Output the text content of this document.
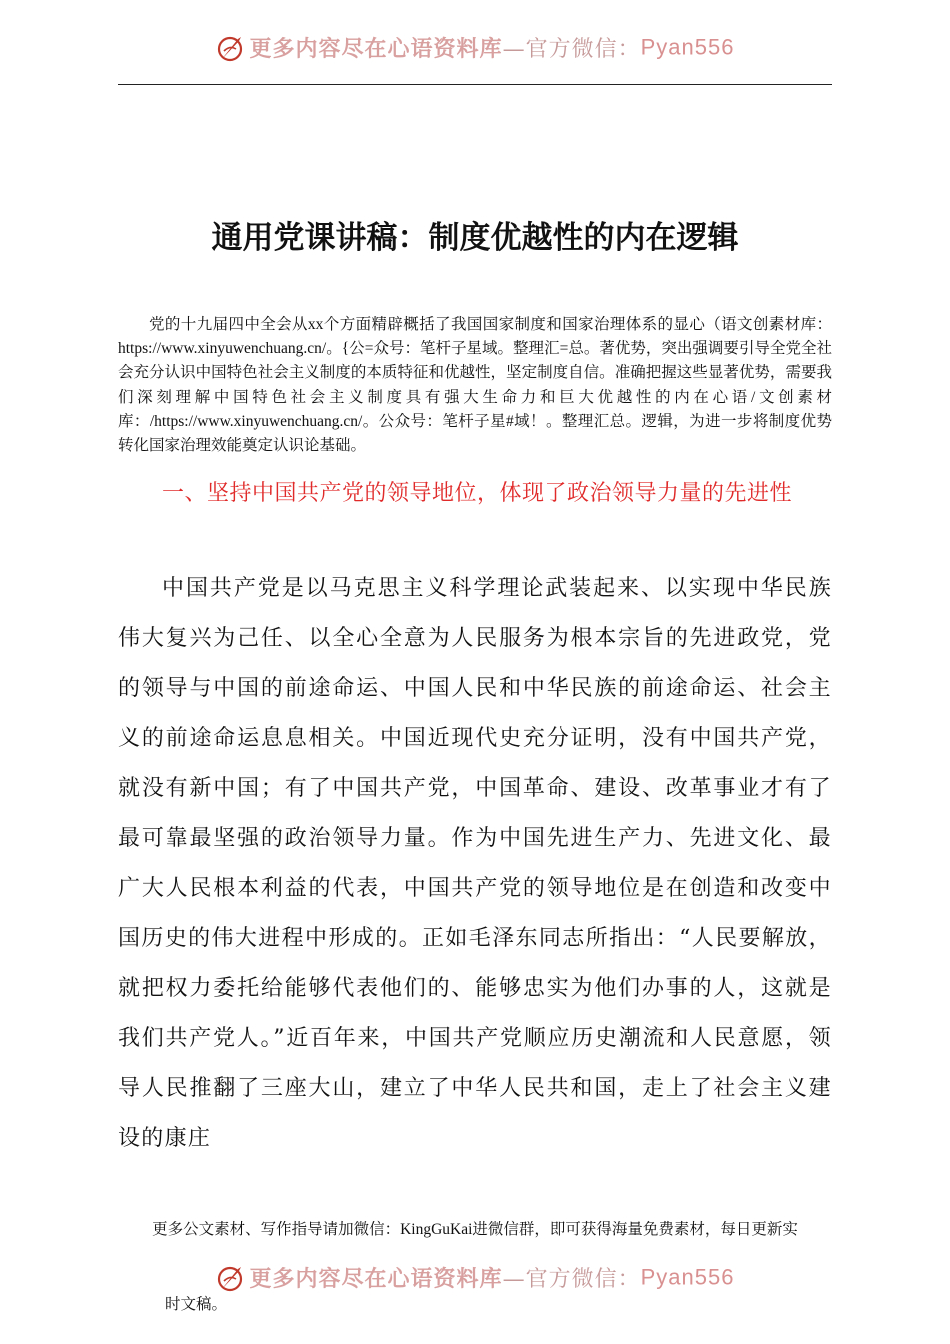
更多内容尽在心语资料库—官方微信：Pyan556
通用党课讲稿：制度优越性的内在逻辑
党的十九届四中全会从xx个方面精辟概括了我国国家制度和国家治理体系的显心（语文创素材库：https://www.xinyuwenchuang.cn/。{公=众号：笔杆子星域。整理汇=总。著优势，突出强调要引导全党全社会充分认识中国特色社会主义制度的本质特征和优越性，坚定制度自信。准确把握这些显著优势，需要我们深刻理解中国特色社会主义制度具有强大生命力和巨大优越性的内在心语/文创素材库：/https://www.xinyuwenchuang.cn/。公众号：笔杆子星#域！。整理汇总。逻辑，为进一步将制度优势转化国家治理效能奠定认识论基础。
一、坚持中国共产党的领导地位，体现了政治领导力量的先进性
中国共产党是以马克思主义科学理论武装起来、以实现中华民族伟大复兴为己任、以全心全意为人民服务为根本宗旨的先进政党，党的领导与中国的前途命运、中国人民和中华民族的前途命运、社会主义的前途命运息息相关。中国近现代史充分证明，没有中国共产党，就没有新中国；有了中国共产党，中国革命、建设、改革事业才有了最可靠最坚强的政治领导力量。作为中国先进生产力、先进文化、最广大人民根本利益的代表，中国共产党的领导地位是在创造和改变中国历史的伟大进程中形成的。正如毛泽东同志所指出：“人民要解放，就把权力委托给能够代表他们的、能够忠实为他们办事的人，这就是我们共产党人。”近百年来，中国共产党顺应历史潮流和人民意愿，领导人民推翻了三座大山，建立了中华人民共和国，走上了社会主义建设的康庄
更多公文素材、写作指导请加微信：KingGuKai进微信群，即可获得海量免费素材，每日更新实
更多内容尽在心语资料库—官方微信：Pyan556
时文稿。
